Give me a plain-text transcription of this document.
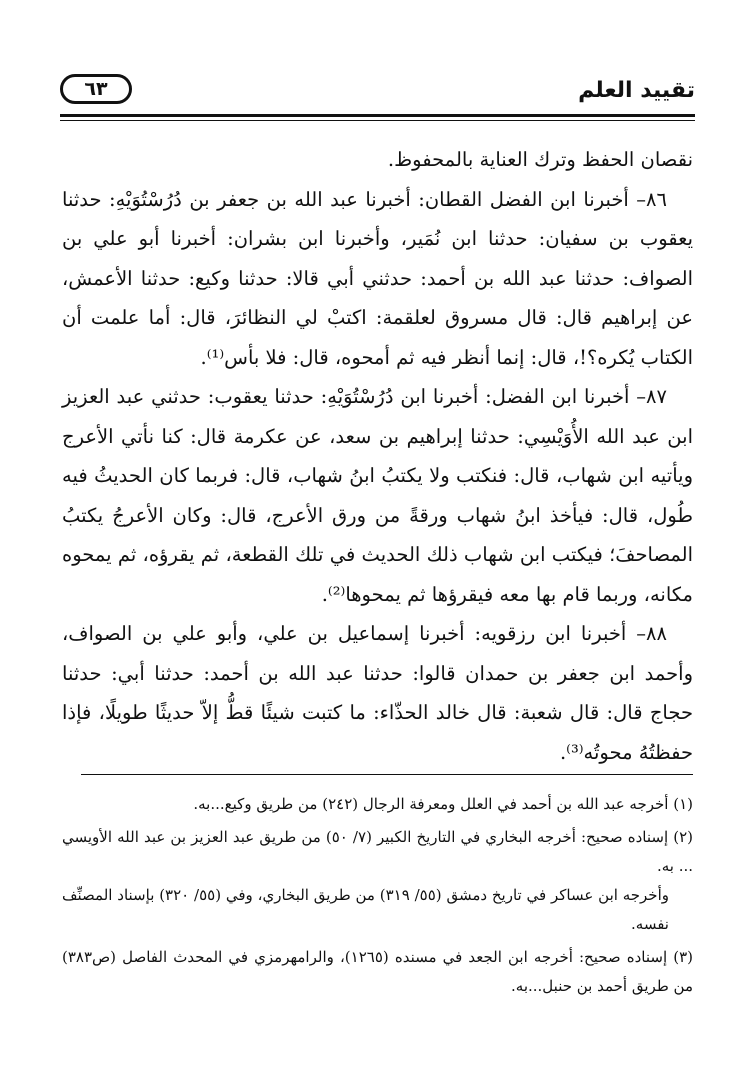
تقييد العلم
٦٣

نقصان الحفظ وترك العناية بالمحفوظ.

٨٦– أخبرنا ابن الفضل القطان: أخبرنا عبد الله بن جعفر بن دُرُسْتُوَيْهِ: حدثنا يعقوب بن سفيان: حدثنا ابن نُمَير، وأخبرنا ابن بشران: أخبرنا أبو علي بن الصواف: حدثنا عبد الله بن أحمد: حدثني أبي قالا: حدثنا وكيع: حدثنا الأعمش، عن إبراهيم قال: قال مسروق لعلقمة: اكتبْ لي النظائرَ، قال: أما علمت أن الكتاب يُكره؟!، قال: إنما أنظر فيه ثم أمحوه، قال: فلا بأس⁽¹⁾.

٨٧– أخبرنا ابن الفضل: أخبرنا ابن دُرُسْتُوَيْهِ: حدثنا يعقوب: حدثني عبد العزيز ابن عبد الله الأُوَيْسِي: حدثنا إبراهيم بن سعد، عن عكرمة قال: كنا نأتي الأعرج ويأتيه ابن شهاب، قال: فنكتب ولا يكتبُ ابنُ شهاب، قال: فربما كان الحديثُ فيه طُول، قال: فيأخذ ابنُ شهاب ورقةً من ورق الأعرج، قال: وكان الأعرجُ يكتبُ المصاحفَ؛ فيكتب ابن شهاب ذلك الحديث في تلك القطعة، ثم يقرؤه، ثم يمحوه مكانه، وربما قام بها معه فيقرؤها ثم يمحوها⁽²⁾.

٨٨– أخبرنا ابن رزقويه: أخبرنا إسماعيل بن علي، وأبو علي بن الصواف، وأحمد ابن جعفر بن حمدان قالوا: حدثنا عبد الله بن أحمد: حدثنا أبي: حدثنا حجاج قال: قال شعبة: قال خالد الحذّاء: ما كتبت شيئًا قطُّ إلاّ حديثًا طويلًا، فإذا حفظتُهُ محوتُه⁽³⁾.

(١) أخرجه عبد الله بن أحمد في العلل ومعرفة الرجال (٢٤٢) من طريق وكيع...به.

(٢) إسناده صحيح: أخرجه البخاري في التاريخ الكبير (٧/ ٥٠) من طريق عبد العزيز بن عبد الله الأويسي ... به.

وأخرجه ابن عساكر في تاريخ دمشق (٥٥/ ٣١٩) من طريق البخاري، وفي (٥٥/ ٣٢٠) بإسناد المصنِّف نفسه.

(٣) إسناده صحيح: أخرجه ابن الجعد في مسنده (١٢٦٥)، والرامهرمزي في المحدث الفاصل (ص٣٨٣) من طريق أحمد بن حنبل...به.
